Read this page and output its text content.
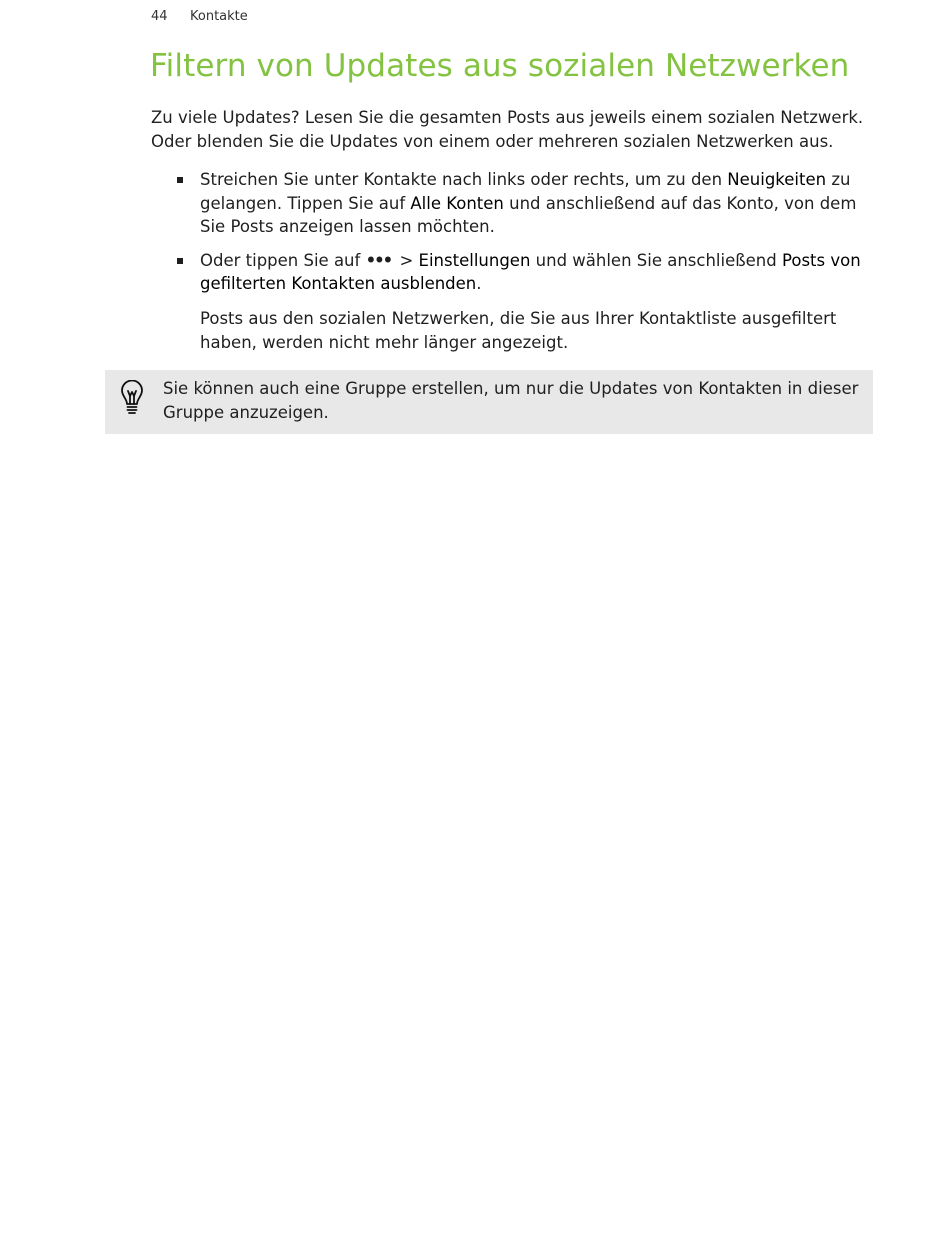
44 Kontakte
Filtern von Updates aus sozialen Netzwerken

Zu viele Updates? Lesen Sie die gesamten Posts aus jeweils einem sozialen Netzwerk.
Oder blenden Sie die Updates von einem oder mehreren sozialen Netzwerken aus.

Streichen Sie unter Kontakte nach links oder rechts, um zu den Neuigkeiten zu
gelangen. Tippen Sie auf Alle Konten und anschließend auf das Konto, von dem
Sie Posts anzeigen lassen möchten.
Oder tippen Sie auf ••• > Einstellungen und wählen Sie anschließend Posts von
gefilterten Kontakten ausblenden.

Posts aus den sozialen Netzwerken, die Sie aus Ihrer Kontaktliste ausgefiltert
haben, werden nicht mehr länger angezeigt.

Sie können auch eine Gruppe erstellen, um nur die Updates von Kontakten in dieser
Gruppe anzuzeigen.
